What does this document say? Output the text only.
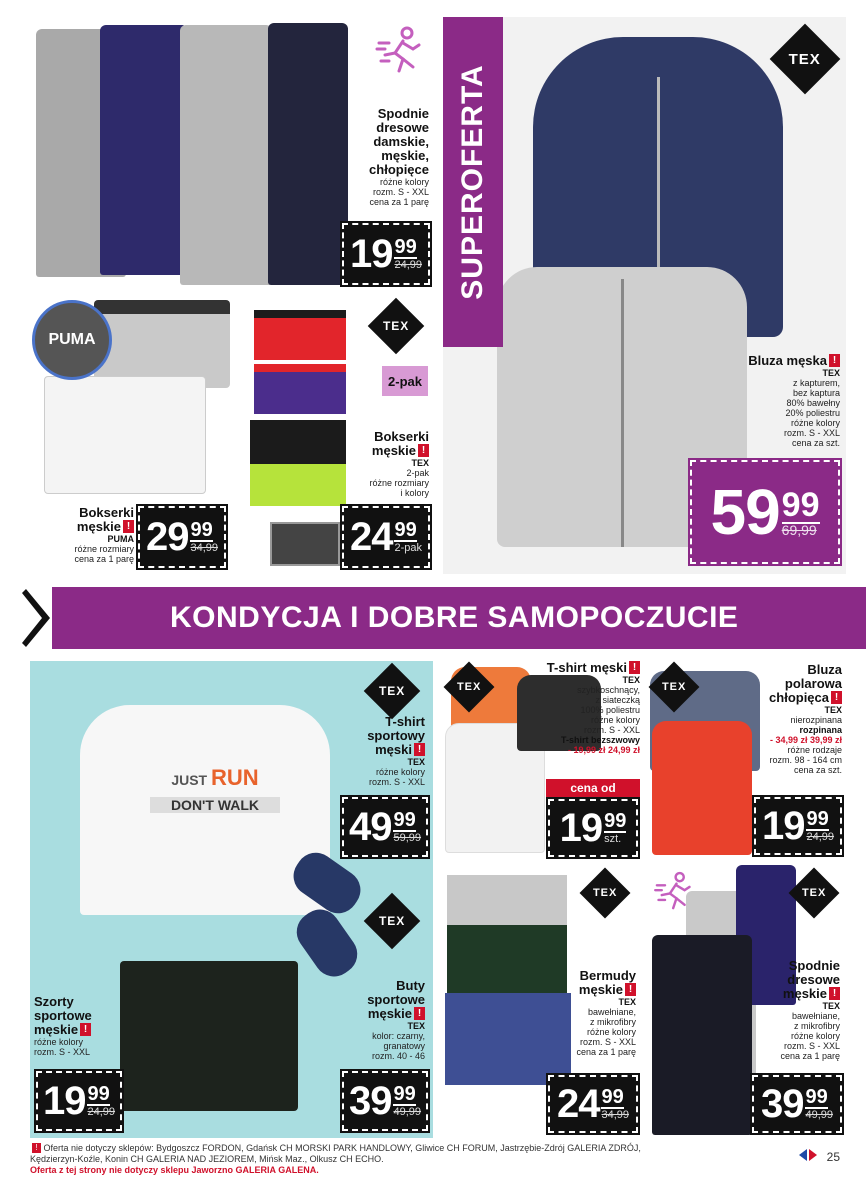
Spodnie
dresowe
damskie,
męskie,
chłopięce
różne kolory
rozm. S - XXL
cena za 1 parę
19 99
24,99
PUMA
Bokserki
męskie !
PUMA
różne rozmiary
cena za 1 parę 29 99
34,99
TEX
2-pak
Bokserki
męskie !
TEX
2-pak
różne rozmiary
i kolory
24 99
2-pak
SUPEROFERTA
TEX
Bluza męska !
TEX
z kapturem,
bez kaptura
80% bawełny
20% poliestru
różne kolory
rozm. S - XXL
cena za szt.
59 99
69,99
KONDYCJA I DOBRE SAMOPOCZUCIE
JUST RUN
DON'T WALK
TEX
T-shirt
sportowy
męski !
TEX
różne kolory
rozm. S - XXL
49 99
59,99
TEX
Buty
sportowe
męskie !
TEX
kolor: czarny,
granatowy
rozm. 40 - 46
39 99
49,99
Szorty
sportowe
męskie !
różne kolory
rozm. S - XXL
19 99
24,99
TEX
T-shirt męski !
TEX
szybkoschnący,
z siateczką
100% poliestru
różne kolory
rozm. S - XXL
T-shirt bezszwowy
- 19,99 zł 24,99 zł
cena od
19 99
szt.
TEX
Bluza
polarowa
chłopięca !
TEX
nierozpinana
rozpinana
- 34,99 zł 39,99 zł
różne rodzaje
rozm. 98 - 164 cm
cena za szt.
19 99
24,99
TEX
Bermudy
męskie !
TEX
bawełniane,
z mikrofibry
różne kolory
rozm. S - XXL
cena za 1 parę
24 99
34,99
TEX
Spodnie
dresowe
męskie !
TEX
bawełniane,
z mikrofibry
różne kolory
rozm. S - XXL
cena za 1 parę
39 99
49,99
! Oferta nie dotyczy sklepów: Bydgoszcz FORDON, Gdańsk CH MORSKI PARK HANDLOWY, Gliwice CH FORUM, Jastrzębie-Zdrój GALERIA ZDRÓJ,
Kędzierzyn-Koźle, Konin CH GALERIA NAD JEZIOREM, Mińsk Maz., Olkusz CH ECHO.
Oferta z tej strony nie dotyczy sklepu Jaworzno GALERIA GALENA.
25
